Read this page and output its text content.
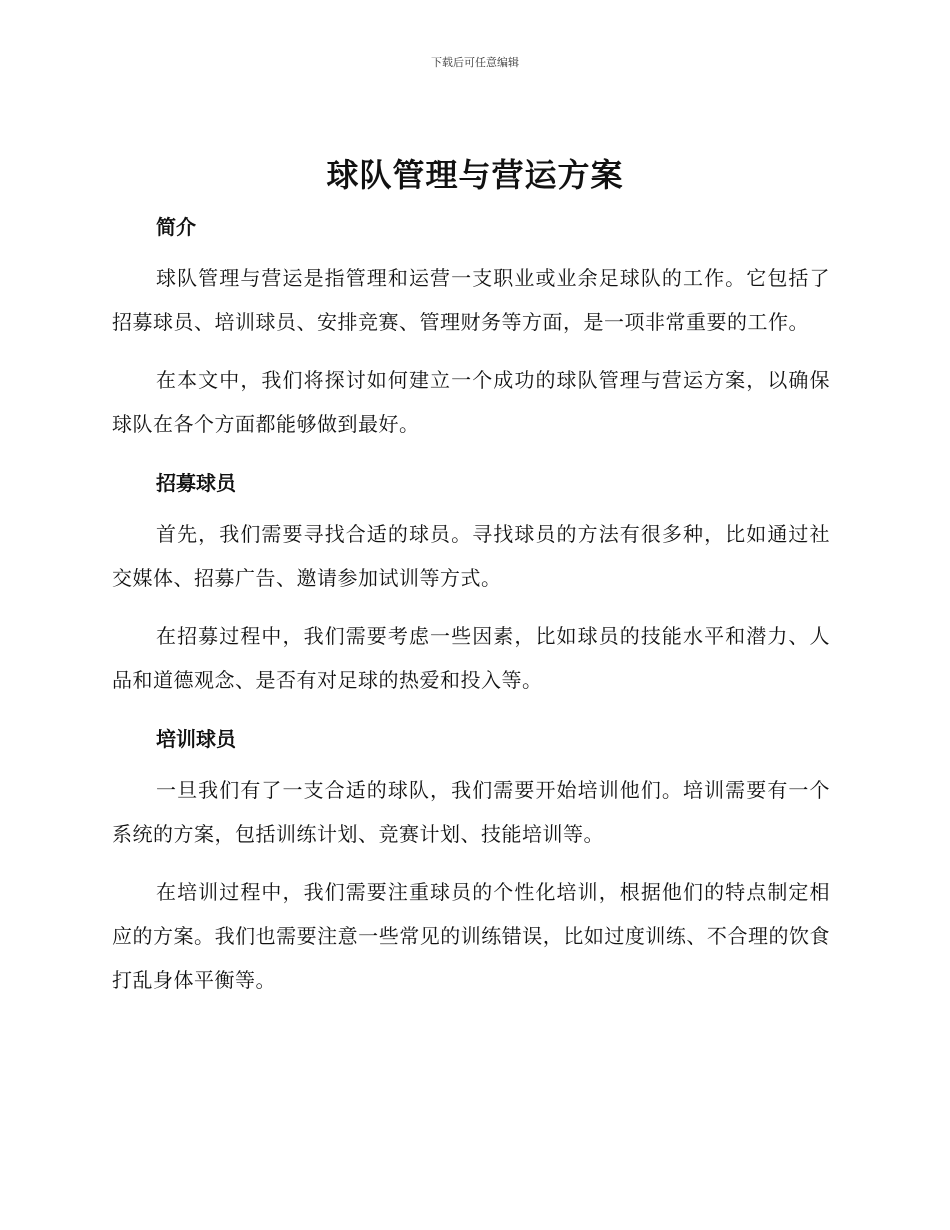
下载后可任意编辑
球队管理与营运方案
简介

球队管理与营运是指管理和运营一支职业或业余足球队的工作。它包括了招募球员、培训球员、安排竞赛、管理财务等方面，是一项非常重要的工作。

在本文中，我们将探讨如何建立一个成功的球队管理与营运方案，以确保球队在各个方面都能够做到最好。

招募球员

首先，我们需要寻找合适的球员。寻找球员的方法有很多种，比如通过社交媒体、招募广告、邀请参加试训等方式。

在招募过程中，我们需要考虑一些因素，比如球员的技能水平和潜力、人品和道德观念、是否有对足球的热爱和投入等。

培训球员

一旦我们有了一支合适的球队，我们需要开始培训他们。培训需要有一个系统的方案，包括训练计划、竞赛计划、技能培训等。

在培训过程中，我们需要注重球员的个性化培训，根据他们的特点制定相应的方案。我们也需要注意一些常见的训练错误，比如过度训练、不合理的饮食打乱身体平衡等。
